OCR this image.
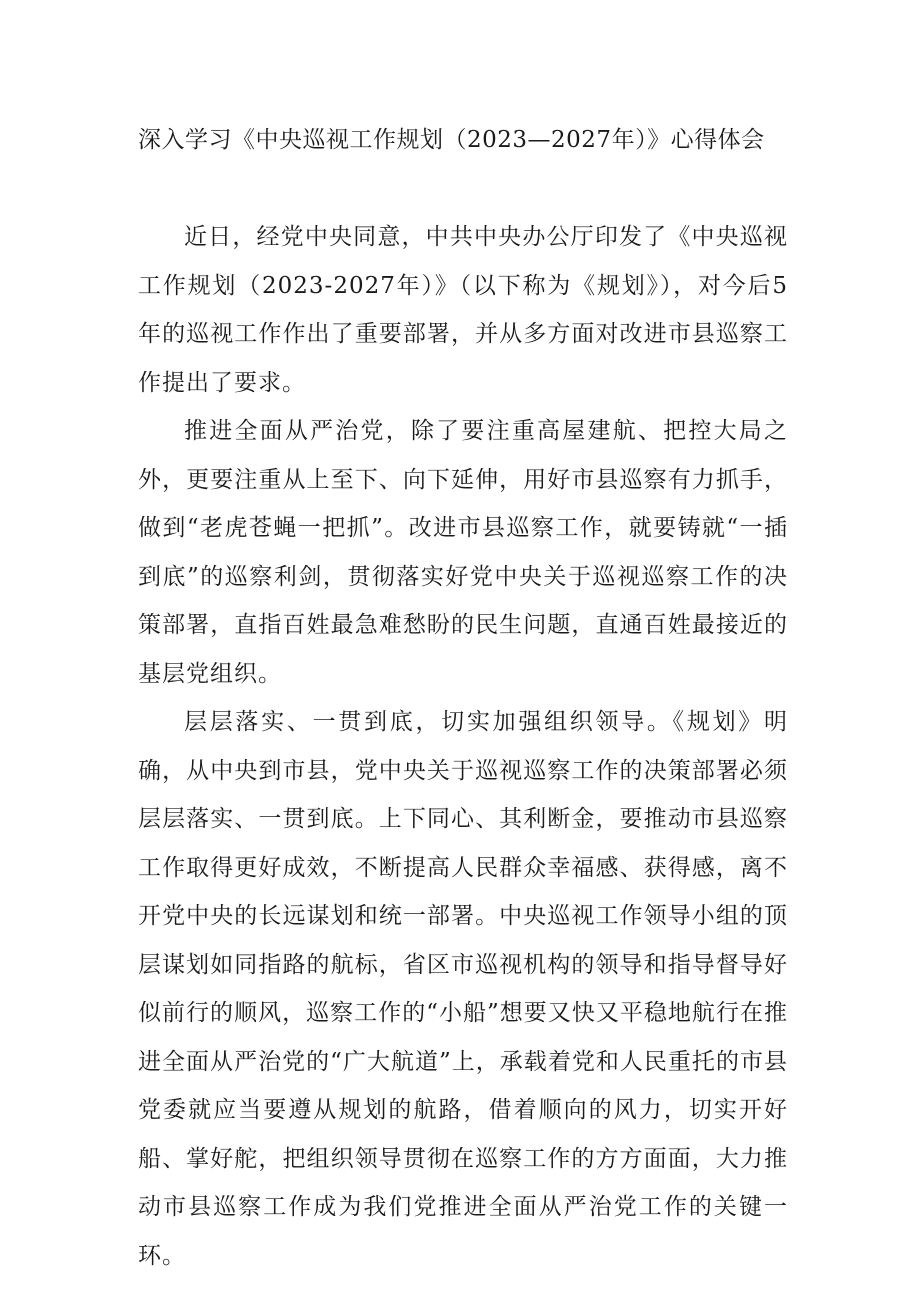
深入学习《中央巡视工作规划（2023—2027年）》心得体会

近日，经党中央同意，中共中央办公厅印发了《中央巡视工作规划（2023-2027年）》（以下称为《规划》），对今后5年的巡视工作作出了重要部署，并从多方面对改进市县巡察工作提出了要求。

推进全面从严治党，除了要注重高屋建航、把控大局之外，更要注重从上至下、向下延伸，用好市县巡察有力抓手，做到“老虎苍蝇一把抓”。改进市县巡察工作，就要铸就“一插到底”的巡察利剑，贯彻落实好党中央关于巡视巡察工作的决策部署，直指百姓最急难愁盼的民生问题，直通百姓最接近的基层党组织。

层层落实、一贯到底，切实加强组织领导。《规划》明确，从中央到市县，党中央关于巡视巡察工作的决策部署必须层层落实、一贯到底。上下同心、其利断金，要推动市县巡察工作取得更好成效，不断提高人民群众幸福感、获得感，离不开党中央的长远谋划和统一部署。中央巡视工作领导小组的顶层谋划如同指路的航标，省区市巡视机构的领导和指导督导好似前行的顺风，巡察工作的“小船”想要又快又平稳地航行在推进全面从严治党的“广大航道”上，承载着党和人民重托的市县党委就应当要遵从规划的航路，借着顺向的风力，切实开好船、掌好舵，把组织领导贯彻在巡察工作的方方面面，大力推动市县巡察工作成为我们党推进全面从严治党工作的关键一环。
